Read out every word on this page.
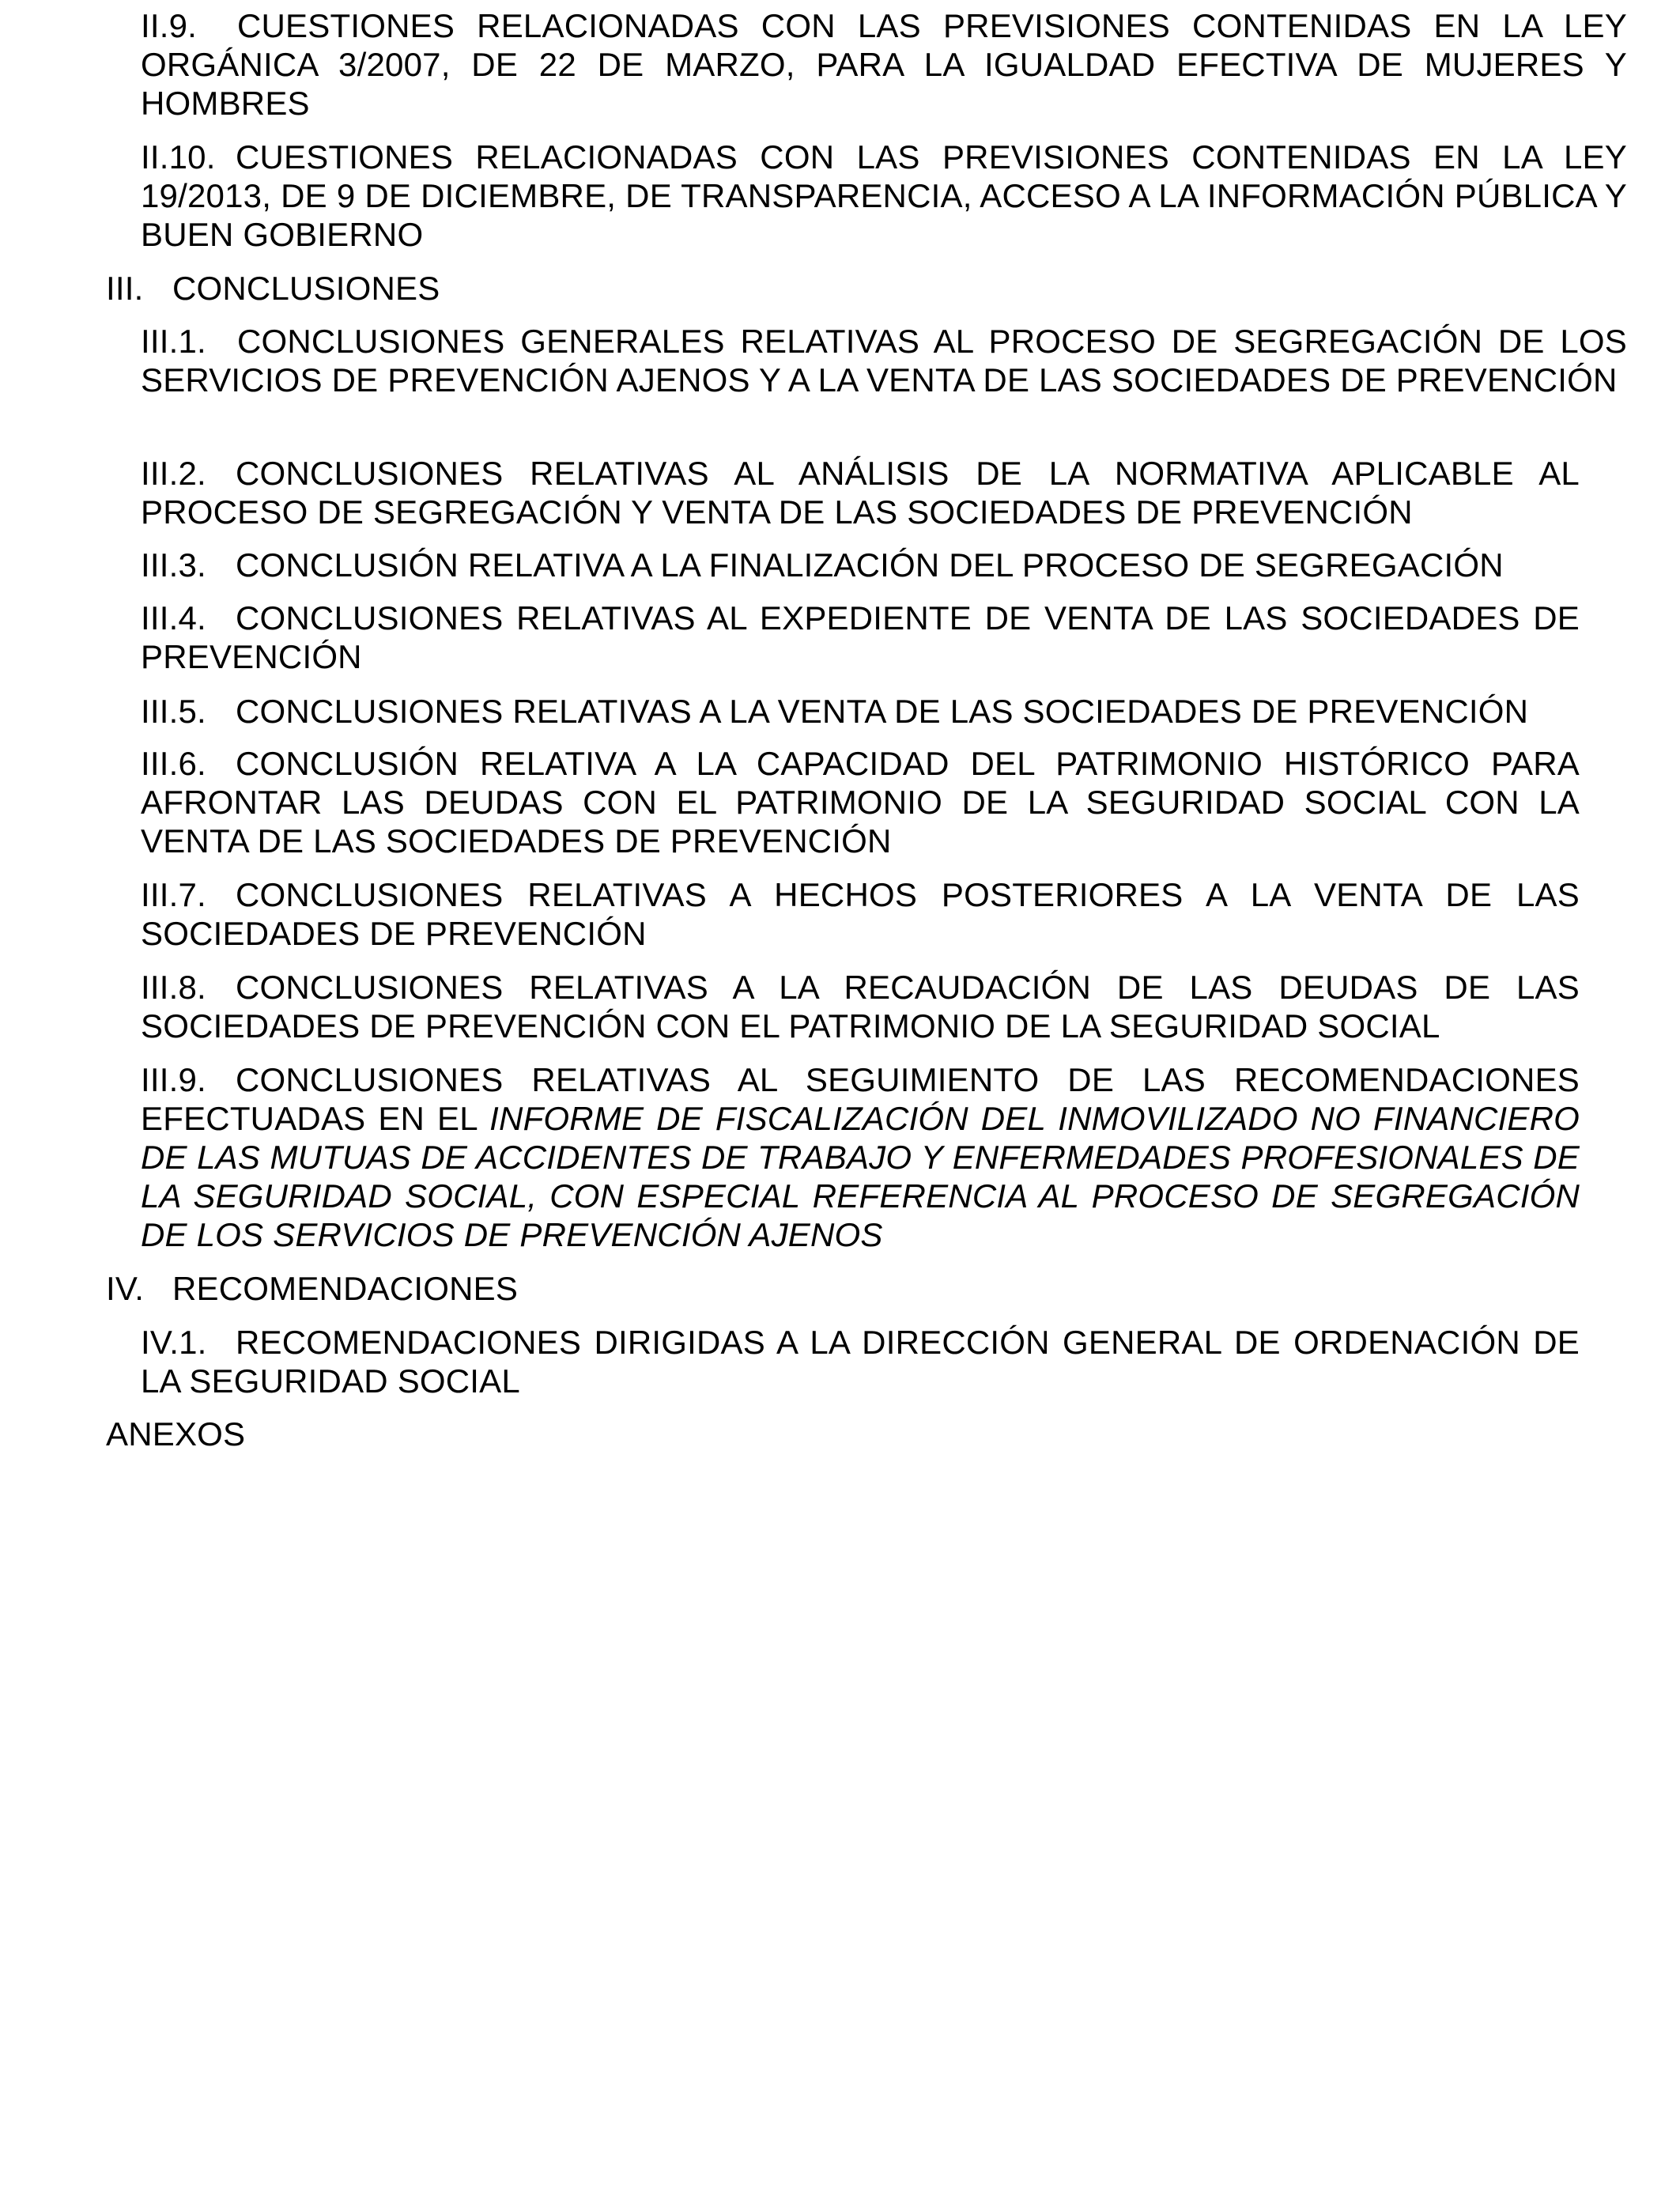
II.9. CUESTIONES RELACIONADAS CON LAS PREVISIONES CONTENIDAS EN LA LEY ORGÁNICA 3/2007, DE 22 DE MARZO, PARA LA IGUALDAD EFECTIVA DE MUJERES Y HOMBRES
II.10. CUESTIONES RELACIONADAS CON LAS PREVISIONES CONTENIDAS EN LA LEY 19/2013, DE 9 DE DICIEMBRE, DE TRANSPARENCIA, ACCESO A LA INFORMACIÓN PÚBLICA Y BUEN GOBIERNO
III. CONCLUSIONES
III.1. CONCLUSIONES GENERALES RELATIVAS AL PROCESO DE SEGREGACIÓN DE LOS SERVICIOS DE PREVENCIÓN AJENOS Y A LA VENTA DE LAS SOCIEDADES DE PREVENCIÓN
III.2. CONCLUSIONES RELATIVAS AL ANÁLISIS DE LA NORMATIVA APLICABLE AL PROCESO DE SEGREGACIÓN Y VENTA DE LAS SOCIEDADES DE PREVENCIÓN
III.3. CONCLUSIÓN RELATIVA A LA FINALIZACIÓN DEL PROCESO DE SEGREGACIÓN
III.4. CONCLUSIONES RELATIVAS AL EXPEDIENTE DE VENTA DE LAS SOCIEDADES DE PREVENCIÓN
III.5. CONCLUSIONES RELATIVAS A LA VENTA DE LAS SOCIEDADES DE PREVENCIÓN
III.6. CONCLUSIÓN RELATIVA A LA CAPACIDAD DEL PATRIMONIO HISTÓRICO PARA AFRONTAR LAS DEUDAS CON EL PATRIMONIO DE LA SEGURIDAD SOCIAL CON LA VENTA DE LAS SOCIEDADES DE PREVENCIÓN
III.7. CONCLUSIONES RELATIVAS A HECHOS POSTERIORES A LA VENTA DE LAS SOCIEDADES DE PREVENCIÓN
III.8. CONCLUSIONES RELATIVAS A LA RECAUDACIÓN DE LAS DEUDAS DE LAS SOCIEDADES DE PREVENCIÓN CON EL PATRIMONIO DE LA SEGURIDAD SOCIAL
III.9. CONCLUSIONES RELATIVAS AL SEGUIMIENTO DE LAS RECOMENDACIONES EFECTUADAS EN EL INFORME DE FISCALIZACIÓN DEL INMOVILIZADO NO FINANCIERO DE LAS MUTUAS DE ACCIDENTES DE TRABAJO Y ENFERMEDADES PROFESIONALES DE LA SEGURIDAD SOCIAL, CON ESPECIAL REFERENCIA AL PROCESO DE SEGREGACIÓN DE LOS SERVICIOS DE PREVENCIÓN AJENOS
IV. RECOMENDACIONES
IV.1. RECOMENDACIONES DIRIGIDAS A LA DIRECCIÓN GENERAL DE ORDENACIÓN DE LA SEGURIDAD SOCIAL
ANEXOS
